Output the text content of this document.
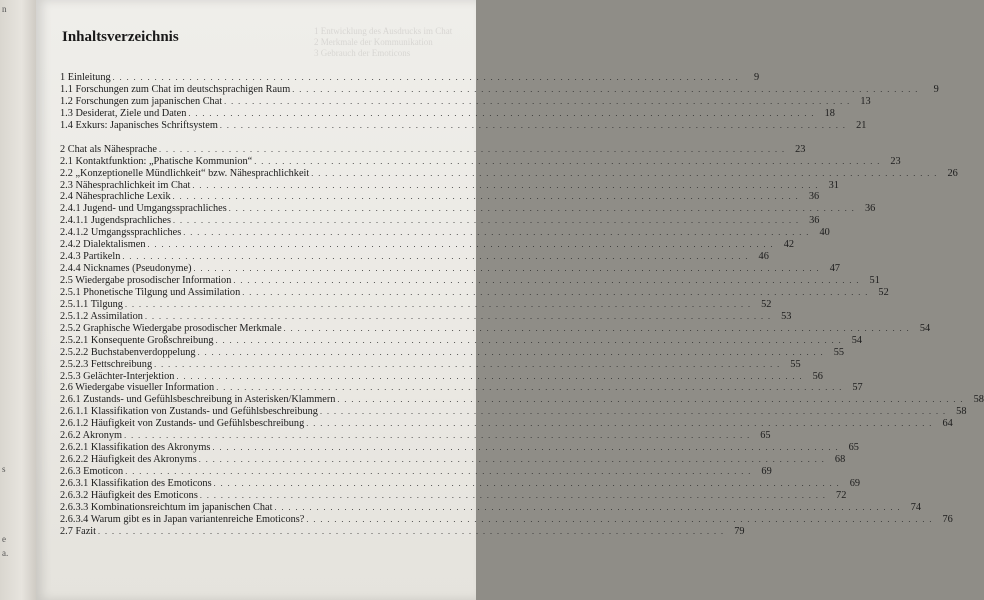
n
s
e
a.
1 Entwicklung des Ausdrucks im Chat
2 Merkmale der Kommunikation
3 Gebrauch der Emoticons
Inhaltsverzeichnis
1 Einleitung . . . . . . . . . . . . . . . . . . . . . . . . . . . . . . . . . . . . . . . . . . . . . . . . . . . . . . . . . . . . . . . . . . . . . . . . . . . . . . . . . . . . . . . . . .	9
1.1 Forschungen zum Chat im deutschsprachigen Raum . . . . . . . . . . . . . . . . . . . . . . . . . . . . . . . . . . . . . . . . . . . . . . . . . . . . . . . . . . . . . . . . . . . . . . . . . . . . . . . . . . . . . . . . . .	9
1.2 Forschungen zum japanischen Chat . . . . . . . . . . . . . . . . . . . . . . . . . . . . . . . . . . . . . . . . . . . . . . . . . . . . . . . . . . . . . . . . . . . . . . . . . . . . . . . . . . . . . . . . . . 13
1.3 Desiderat, Ziele und Daten . . . . . . . . . . . . . . . . . . . . . . . . . . . . . . . . . . . . . . . . . . . . . . . . . . . . . . . . . . . . . . . . . . . . . . . . . . . . . . . . . . . . . . . . . . 18
1.4 Exkurs: Japanisches Schriftsystem . . . . . . . . . . . . . . . . . . . . . . . . . . . . . . . . . . . . . . . . . . . . . . . . . . . . . . . . . . . . . . . . . . . . . . . . . . . . . . . . . . . . . . . . . . 21
2 Chat als Nähesprache . . . . . . . . . . . . . . . . . . . . . . . . . . . . . . . . . . . . . . . . . . . . . . . . . . . . . . . . . . . . . . . . . . . . . . . . . . . . . . . . . . . . . . . . . . 23
2.1 Kontaktfunktion: „Phatische Kommunion“ . . . . . . . . . . . . . . . . . . . . . . . . . . . . . . . . . . . . . . . . . . . . . . . . . . . . . . . . . . . . . . . . . . . . . . . . . . . . . . . . . . . . . . . . . . 23
2.2 „Konzeptionelle Mündlichkeit“ bzw. Nähesprachlichkeit . . . . . . . . . . . . . . . . . . . . . . . . . . . . . . . . . . . . . . . . . . . . . . . . . . . . . . . . . . . . . . . . . . . . . . . . . . . . . . . . . . . . . . . . . . 26
2.3 Nähesprachlichkeit im Chat . . . . . . . . . . . . . . . . . . . . . . . . . . . . . . . . . . . . . . . . . . . . . . . . . . . . . . . . . . . . . . . . . . . . . . . . . . . . . . . . . . . . . . . . . . 31
2.4 Nähesprachliche Lexik . . . . . . . . . . . . . . . . . . . . . . . . . . . . . . . . . . . . . . . . . . . . . . . . . . . . . . . . . . . . . . . . . . . . . . . . . . . . . . . . . . . . . . . . . . 36
2.4.1 Jugend- und Umgangssprachliches . . . . . . . . . . . . . . . . . . . . . . . . . . . . . . . . . . . . . . . . . . . . . . . . . . . . . . . . . . . . . . . . . . . . . . . . . . . . . . . . . . . . . . . . . . 36
2.4.1.1 Jugendsprachliches . . . . . . . . . . . . . . . . . . . . . . . . . . . . . . . . . . . . . . . . . . . . . . . . . . . . . . . . . . . . . . . . . . . . . . . . . . . . . . . . . . . . . . . . . . 36
2.4.1.2 Umgangssprachliches . . . . . . . . . . . . . . . . . . . . . . . . . . . . . . . . . . . . . . . . . . . . . . . . . . . . . . . . . . . . . . . . . . . . . . . . . . . . . . . . . . . . . . . . . . 40
2.4.2 Dialektalismen . . . . . . . . . . . . . . . . . . . . . . . . . . . . . . . . . . . . . . . . . . . . . . . . . . . . . . . . . . . . . . . . . . . . . . . . . . . . . . . . . . . . . . . . . . 42
2.4.3 Partikeln . . . . . . . . . . . . . . . . . . . . . . . . . . . . . . . . . . . . . . . . . . . . . . . . . . . . . . . . . . . . . . . . . . . . . . . . . . . . . . . . . . . . . . . . . . 46
2.4.4 Nicknames (Pseudonyme) . . . . . . . . . . . . . . . . . . . . . . . . . . . . . . . . . . . . . . . . . . . . . . . . . . . . . . . . . . . . . . . . . . . . . . . . . . . . . . . . . . . . . . . . . . 47
2.5 Wiedergabe prosodischer Information . . . . . . . . . . . . . . . . . . . . . . . . . . . . . . . . . . . . . . . . . . . . . . . . . . . . . . . . . . . . . . . . . . . . . . . . . . . . . . . . . . . . . . . . . . 51
2.5.1 Phonetische Tilgung und Assimilation . . . . . . . . . . . . . . . . . . . . . . . . . . . . . . . . . . . . . . . . . . . . . . . . . . . . . . . . . . . . . . . . . . . . . . . . . . . . . . . . . . . . . . . . . . 52
2.5.1.1 Tilgung . . . . . . . . . . . . . . . . . . . . . . . . . . . . . . . . . . . . . . . . . . . . . . . . . . . . . . . . . . . . . . . . . . . . . . . . . . . . . . . . . . . . . . . . . . 52
2.5.1.2 Assimilation . . . . . . . . . . . . . . . . . . . . . . . . . . . . . . . . . . . . . . . . . . . . . . . . . . . . . . . . . . . . . . . . . . . . . . . . . . . . . . . . . . . . . . . . . . 53
2.5.2 Graphische Wiedergabe prosodischer Merkmale . . . . . . . . . . . . . . . . . . . . . . . . . . . . . . . . . . . . . . . . . . . . . . . . . . . . . . . . . . . . . . . . . . . . . . . . . . . . . . . . . . . . . . . . . . 54
2.5.2.1 Konsequente Großschreibung . . . . . . . . . . . . . . . . . . . . . . . . . . . . . . . . . . . . . . . . . . . . . . . . . . . . . . . . . . . . . . . . . . . . . . . . . . . . . . . . . . . . . . . . . . 54
2.5.2.2 Buchstabenverdoppelung . . . . . . . . . . . . . . . . . . . . . . . . . . . . . . . . . . . . . . . . . . . . . . . . . . . . . . . . . . . . . . . . . . . . . . . . . . . . . . . . . . . . . . . . . . 55
2.5.2.3 Fettschreibung . . . . . . . . . . . . . . . . . . . . . . . . . . . . . . . . . . . . . . . . . . . . . . . . . . . . . . . . . . . . . . . . . . . . . . . . . . . . . . . . . . . . . . . . . . 55
2.5.3 Gelächter-Interjektion . . . . . . . . . . . . . . . . . . . . . . . . . . . . . . . . . . . . . . . . . . . . . . . . . . . . . . . . . . . . . . . . . . . . . . . . . . . . . . . . . . . . . . . . . . 56
2.6 Wiedergabe visueller Information . . . . . . . . . . . . . . . . . . . . . . . . . . . . . . . . . . . . . . . . . . . . . . . . . . . . . . . . . . . . . . . . . . . . . . . . . . . . . . . . . . . . . . . . . . 57
2.6.1 Zustands- und Gefühlsbeschreibung in Asterisken/Klammern . . . . . . . . . . . . . . . . . . . . . . . . . . . . . . . . . . . . . . . . . . . . . . . . . . . . . . . . . . . . . . . . . . . . . . . . . . . . . . . . . . . . . . . . . . 58
2.6.1.1 Klassifikation von Zustands- und Gefühlsbeschreibung . . . . . . . . . . . . . . . . . . . . . . . . . . . . . . . . . . . . . . . . . . . . . . . . . . . . . . . . . . . . . . . . . . . . . . . . . . . . . . . . . . . . . . . . . . 58
2.6.1.2 Häufigkeit von Zustands- und Gefühlsbeschreibung . . . . . . . . . . . . . . . . . . . . . . . . . . . . . . . . . . . . . . . . . . . . . . . . . . . . . . . . . . . . . . . . . . . . . . . . . . . . . . . . . . . . . . . . . . 64
2.6.2 Akronym . . . . . . . . . . . . . . . . . . . . . . . . . . . . . . . . . . . . . . . . . . . . . . . . . . . . . . . . . . . . . . . . . . . . . . . . . . . . . . . . . . . . . . . . . . 65
2.6.2.1 Klassifikation des Akronyms . . . . . . . . . . . . . . . . . . . . . . . . . . . . . . . . . . . . . . . . . . . . . . . . . . . . . . . . . . . . . . . . . . . . . . . . . . . . . . . . . . . . . . . . . . 65
2.6.2.2 Häufigkeit des Akronyms . . . . . . . . . . . . . . . . . . . . . . . . . . . . . . . . . . . . . . . . . . . . . . . . . . . . . . . . . . . . . . . . . . . . . . . . . . . . . . . . . . . . . . . . . . 68
2.6.3 Emoticon . . . . . . . . . . . . . . . . . . . . . . . . . . . . . . . . . . . . . . . . . . . . . . . . . . . . . . . . . . . . . . . . . . . . . . . . . . . . . . . . . . . . . . . . . . 69
2.6.3.1 Klassifikation des Emoticons . . . . . . . . . . . . . . . . . . . . . . . . . . . . . . . . . . . . . . . . . . . . . . . . . . . . . . . . . . . . . . . . . . . . . . . . . . . . . . . . . . . . . . . . . . 69
2.6.3.2 Häufigkeit des Emoticons . . . . . . . . . . . . . . . . . . . . . . . . . . . . . . . . . . . . . . . . . . . . . . . . . . . . . . . . . . . . . . . . . . . . . . . . . . . . . . . . . . . . . . . . . . 72
2.6.3.3 Kombinationsreichtum im japanischen Chat . . . . . . . . . . . . . . . . . . . . . . . . . . . . . . . . . . . . . . . . . . . . . . . . . . . . . . . . . . . . . . . . . . . . . . . . . . . . . . . . . . . . . . . . . . 74
2.6.3.4 Warum gibt es in Japan variantenreiche Emoticons? . . . . . . . . . . . . . . . . . . . . . . . . . . . . . . . . . . . . . . . . . . . . . . . . . . . . . . . . . . . . . . . . . . . . . . . . . . . . . . . . . . . . . . . . . . 76
2.7 Fazit . . . . . . . . . . . . . . . . . . . . . . . . . . . . . . . . . . . . . . . . . . . . . . . . . . . . . . . . . . . . . . . . . . . . . . . . . . . . . . . . . . . . . . . . . . 79
